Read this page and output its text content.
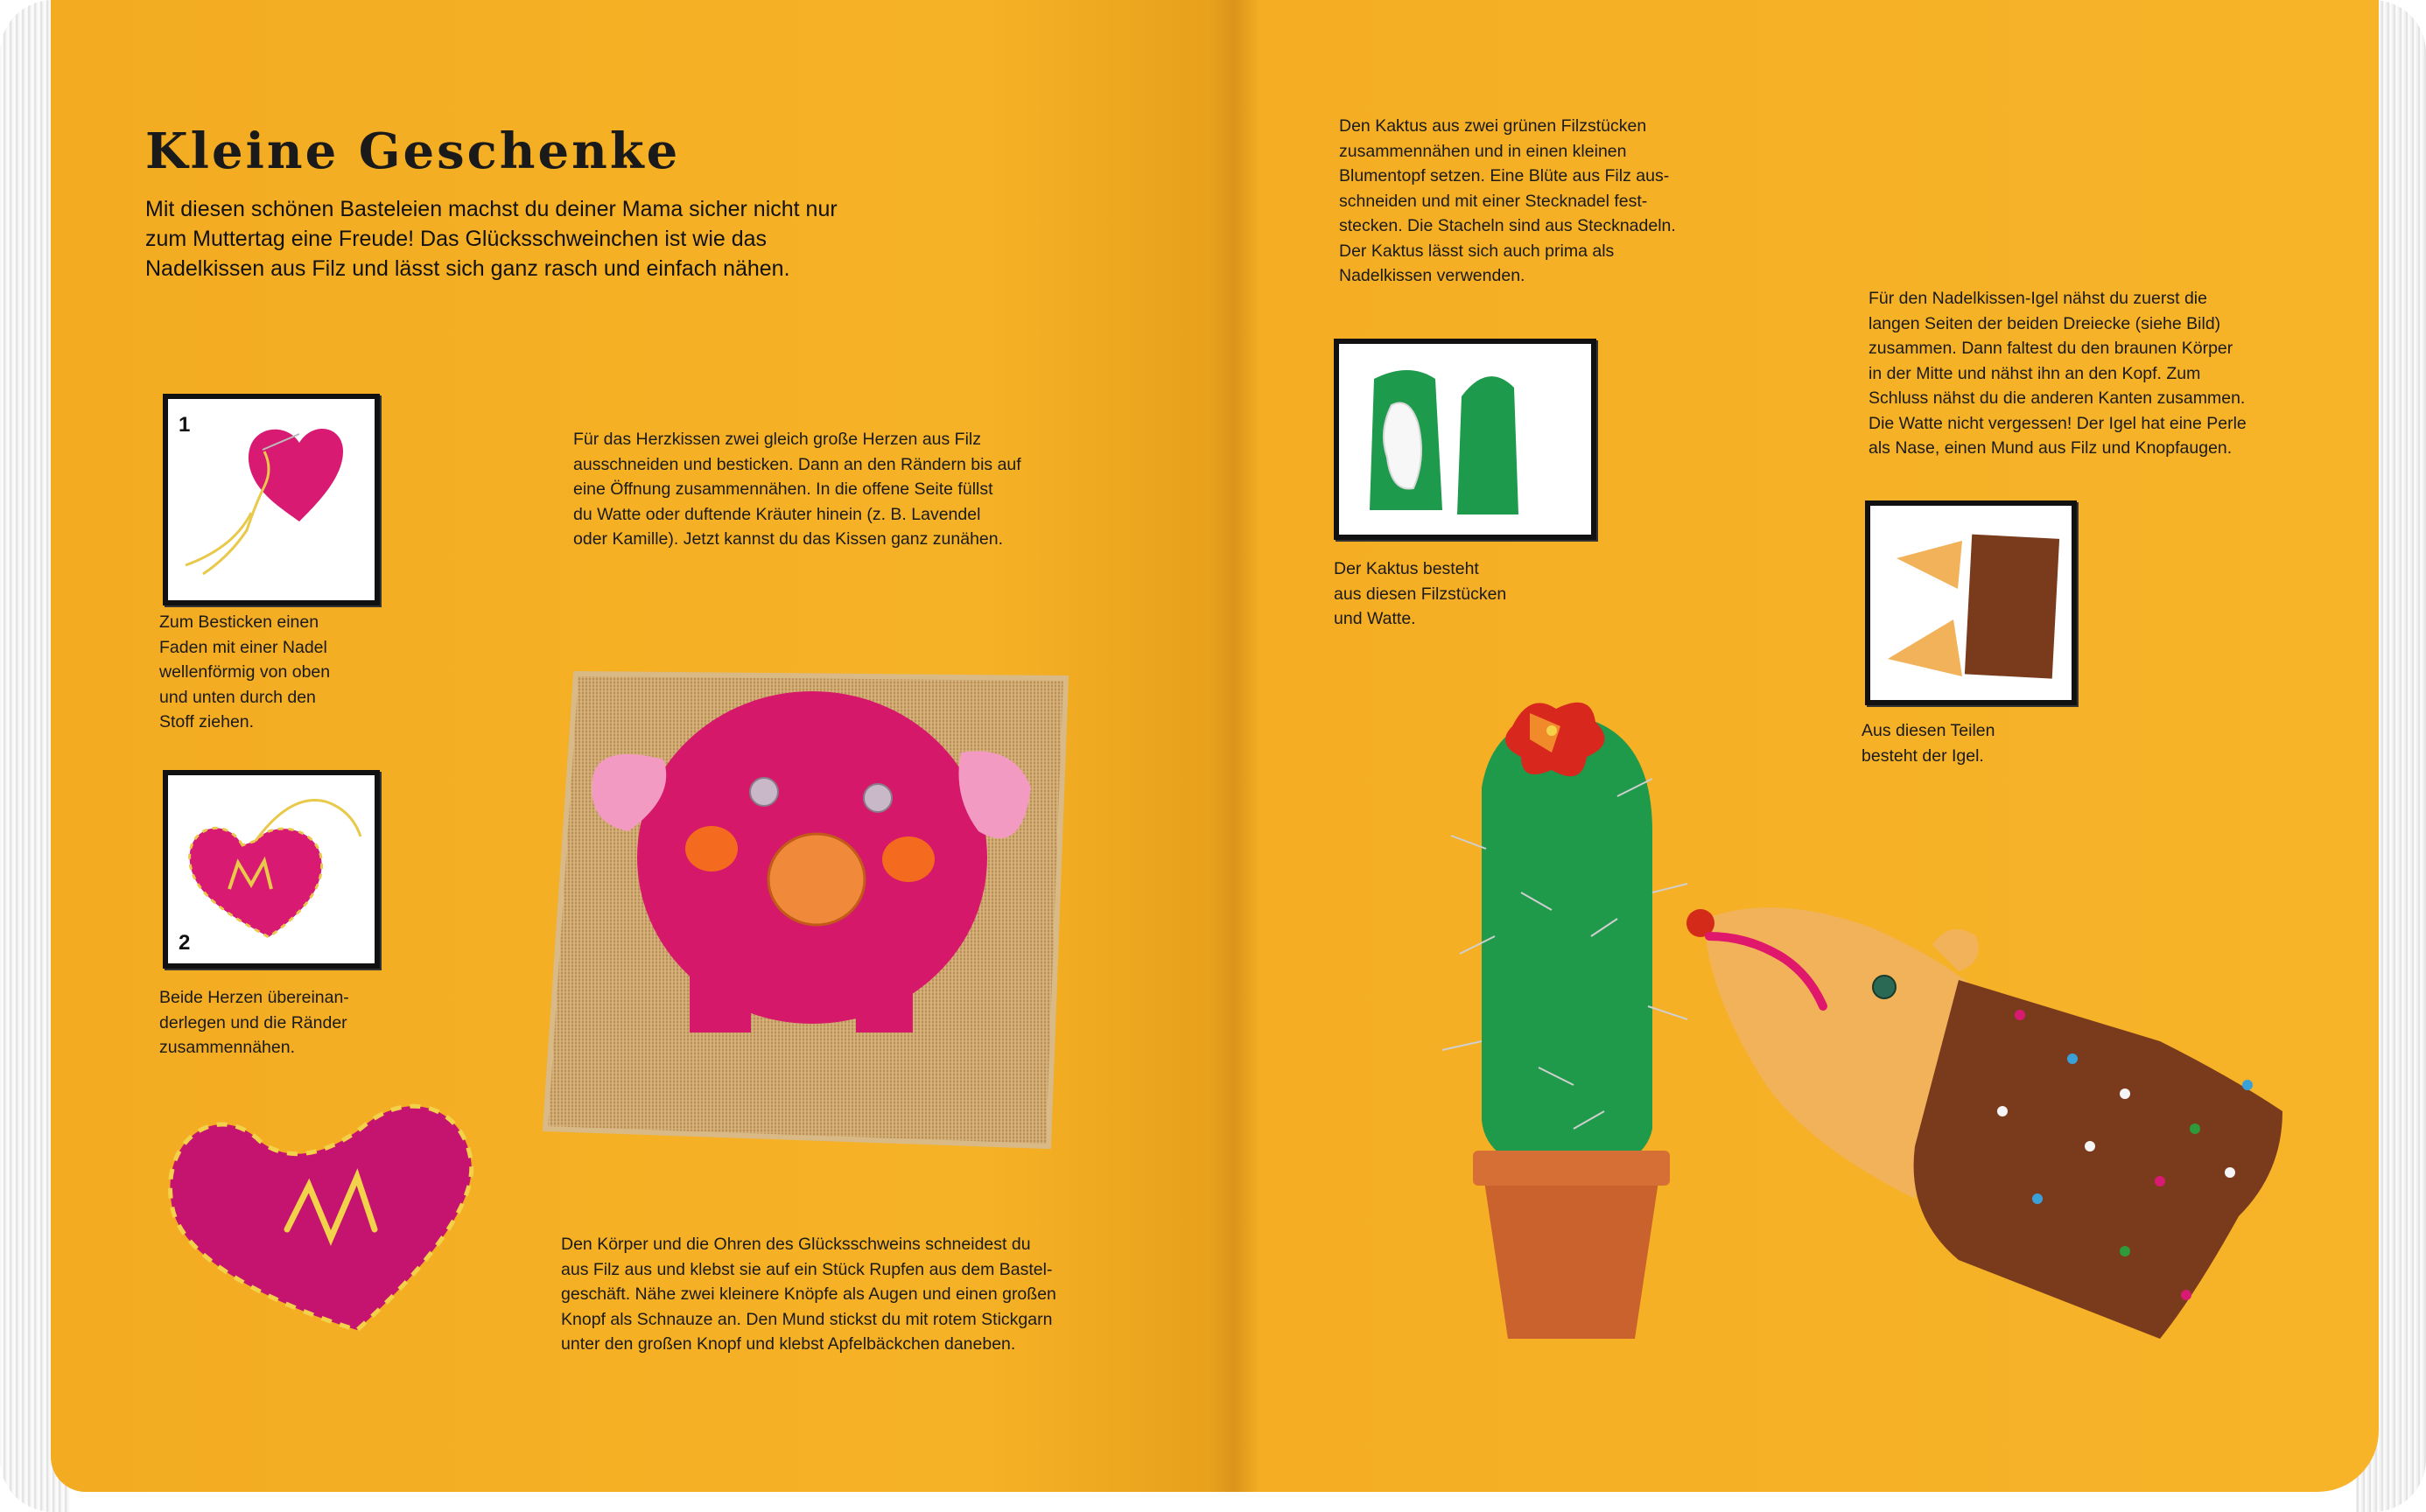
Kleine Geschenke
Mit diesen schönen Basteleien machst du deiner Mama sicher nicht nur zum Muttertag eine Freude! Das Glücksschweinchen ist wie das Nadelkissen aus Filz und lässt sich ganz rasch und einfach nähen.
1
Zum Besticken einen
Faden mit einer Nadel
wellenförmig von oben
und unten durch den
Stoff ziehen.
2
Beide Herzen übereinan-
derlegen und die Ränder
zusammennähen.
Für das Herzkissen zwei gleich große Herzen aus Filz
ausschneiden und besticken. Dann an den Rändern bis auf
eine Öffnung zusammennähen. In die offene Seite füllst
du Watte oder duftende Kräuter hinein (z. B. Lavendel
oder Kamille). Jetzt kannst du das Kissen ganz zunähen.
Den Körper und die Ohren des Glücksschweins schneidest du
aus Filz aus und klebst sie auf ein Stück Rupfen aus dem Bastel-
geschäft. Nähe zwei kleinere Knöpfe als Augen und einen großen
Knopf als Schnauze an. Den Mund stickst du mit rotem Stickgarn
unter den großen Knopf und klebst Apfelbäckchen daneben.
Den Kaktus aus zwei grünen Filzstücken
zusammennähen und in einen kleinen
Blumentopf setzen. Eine Blüte aus Filz aus-
schneiden und mit einer Stecknadel fest-
stecken. Die Stacheln sind aus Stecknadeln.
Der Kaktus lässt sich auch prima als
Nadelkissen verwenden.
Der Kaktus besteht
aus diesen Filzstücken
und Watte.
Für den Nadelkissen-Igel nähst du zuerst die
langen Seiten der beiden Dreiecke (siehe Bild)
zusammen. Dann faltest du den braunen Körper
in der Mitte und nähst ihn an den Kopf. Zum
Schluss nähst du die anderen Kanten zusammen.
Die Watte nicht vergessen! Der Igel hat eine Perle
als Nase, einen Mund aus Filz und Knopfaugen.
Aus diesen Teilen
besteht der Igel.
